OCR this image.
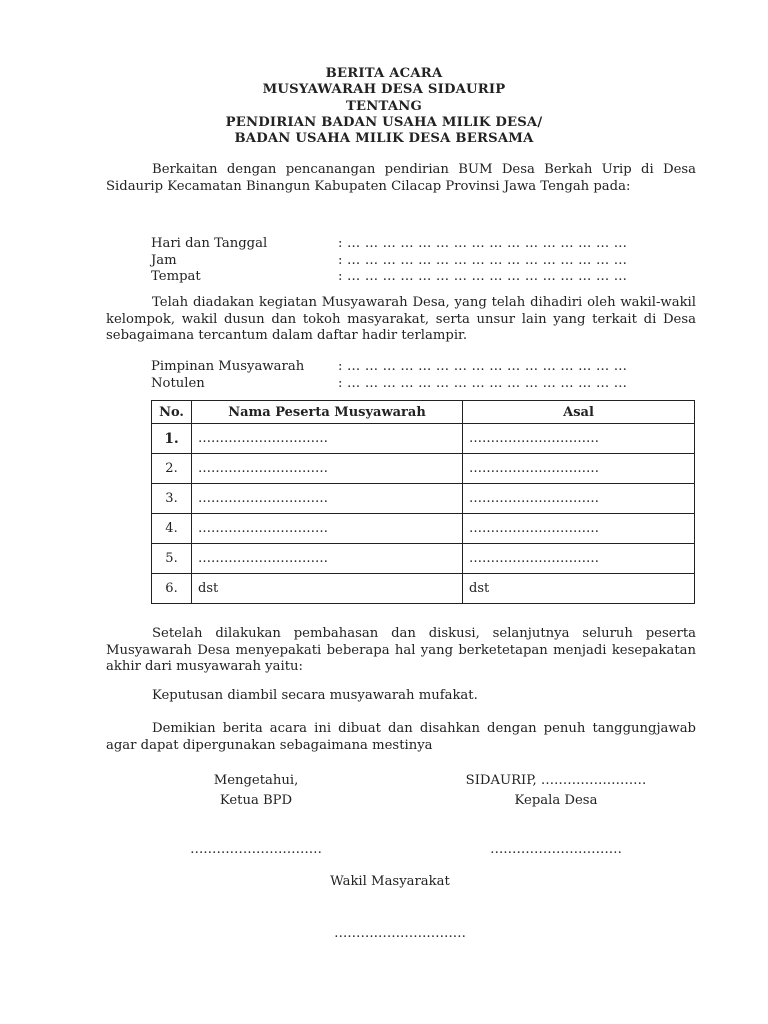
BERITA ACARA
MUSYAWARAH DESA SIDAURIP
TENTANG
PENDIRIAN BADAN USAHA MILIK DESA/
BADAN USAHA MILIK DESA BERSAMA
Berkaitan dengan pencanangan pendirian BUM Desa Berkah Urip di Desa Sidaurip Kecamatan Binangun Kabupaten Cilacap Provinsi Jawa Tengah pada:
Hari dan Tanggal	: … … … … … … … … … … … … … … … …
Jam	: … … … … … … … … … … … … … … … …
Tempat	: … … … … … … … … … … … … … … … …
Telah diadakan kegiatan Musyawarah Desa, yang telah dihadiri oleh wakil-wakil kelompok, wakil dusun dan tokoh masyarakat, serta unsur lain yang terkait di Desa sebagaimana tercantum dalam daftar hadir terlampir.
Pimpinan Musyawarah	: … … … … … … … … … … … … … … … …
Notulen	: … … … … … … … … … … … … … … … …
No.	Nama Peserta Musyawarah	Asal
1.	…………………………	…………………………
2.	…………………………	…………………………
3.	…………………………	…………………………
4.	…………………………	…………………………
5.	…………………………	…………………………
6.	dst	dst
Setelah dilakukan pembahasan dan diskusi, selanjutnya seluruh peserta Musyawarah Desa menyepakati beberapa hal yang berketetapan menjadi kesepakatan akhir dari musyawarah yaitu:
Keputusan diambil secara musyawarah mufakat.
Demikian berita acara ini dibuat dan disahkan dengan penuh tanggungjawab agar dapat dipergunakan sebagaimana mestinya
Mengetahui,
Ketua BPD
SIDAURIP, ……………………
Kepala Desa
…………………………	…………………………
Wakil Masyarakat
…………………………
